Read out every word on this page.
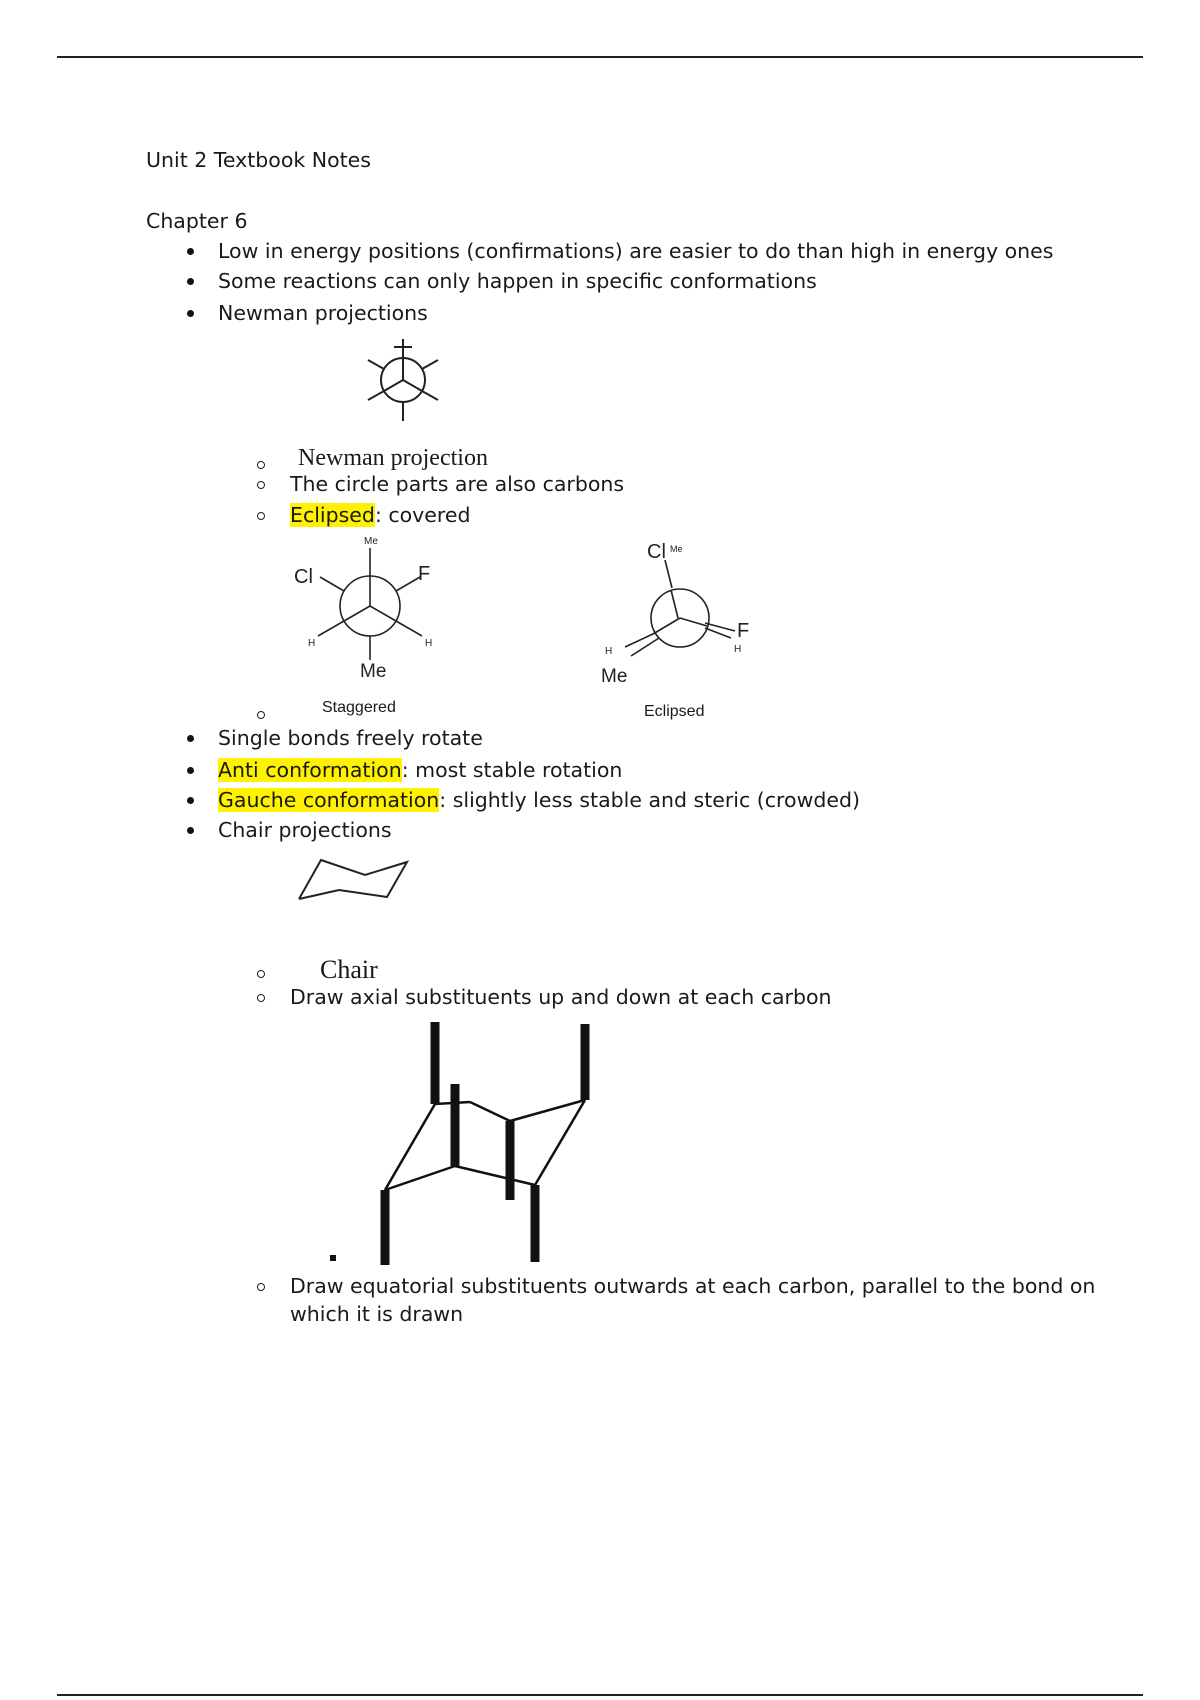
Unit 2 Textbook Notes
Chapter 6
Low in energy positions (confirmations) are easier to do than high in energy ones
Some reactions can only happen in specific conformations
Newman projections
Newman projection
The circle parts are also carbons
Eclipsed: covered
Me
Cl	F
H	H
Me
Cl Me
F
H
H
Me
Staggered	Eclipsed
Single bonds freely rotate
Anti conformation: most stable rotation
Gauche conformation: slightly less stable and steric (crowded)
Chair projections
Chair
Draw axial substituents up and down at each carbon
Draw equatorial substituents outwards at each carbon, parallel to the bond on
which it is drawn
